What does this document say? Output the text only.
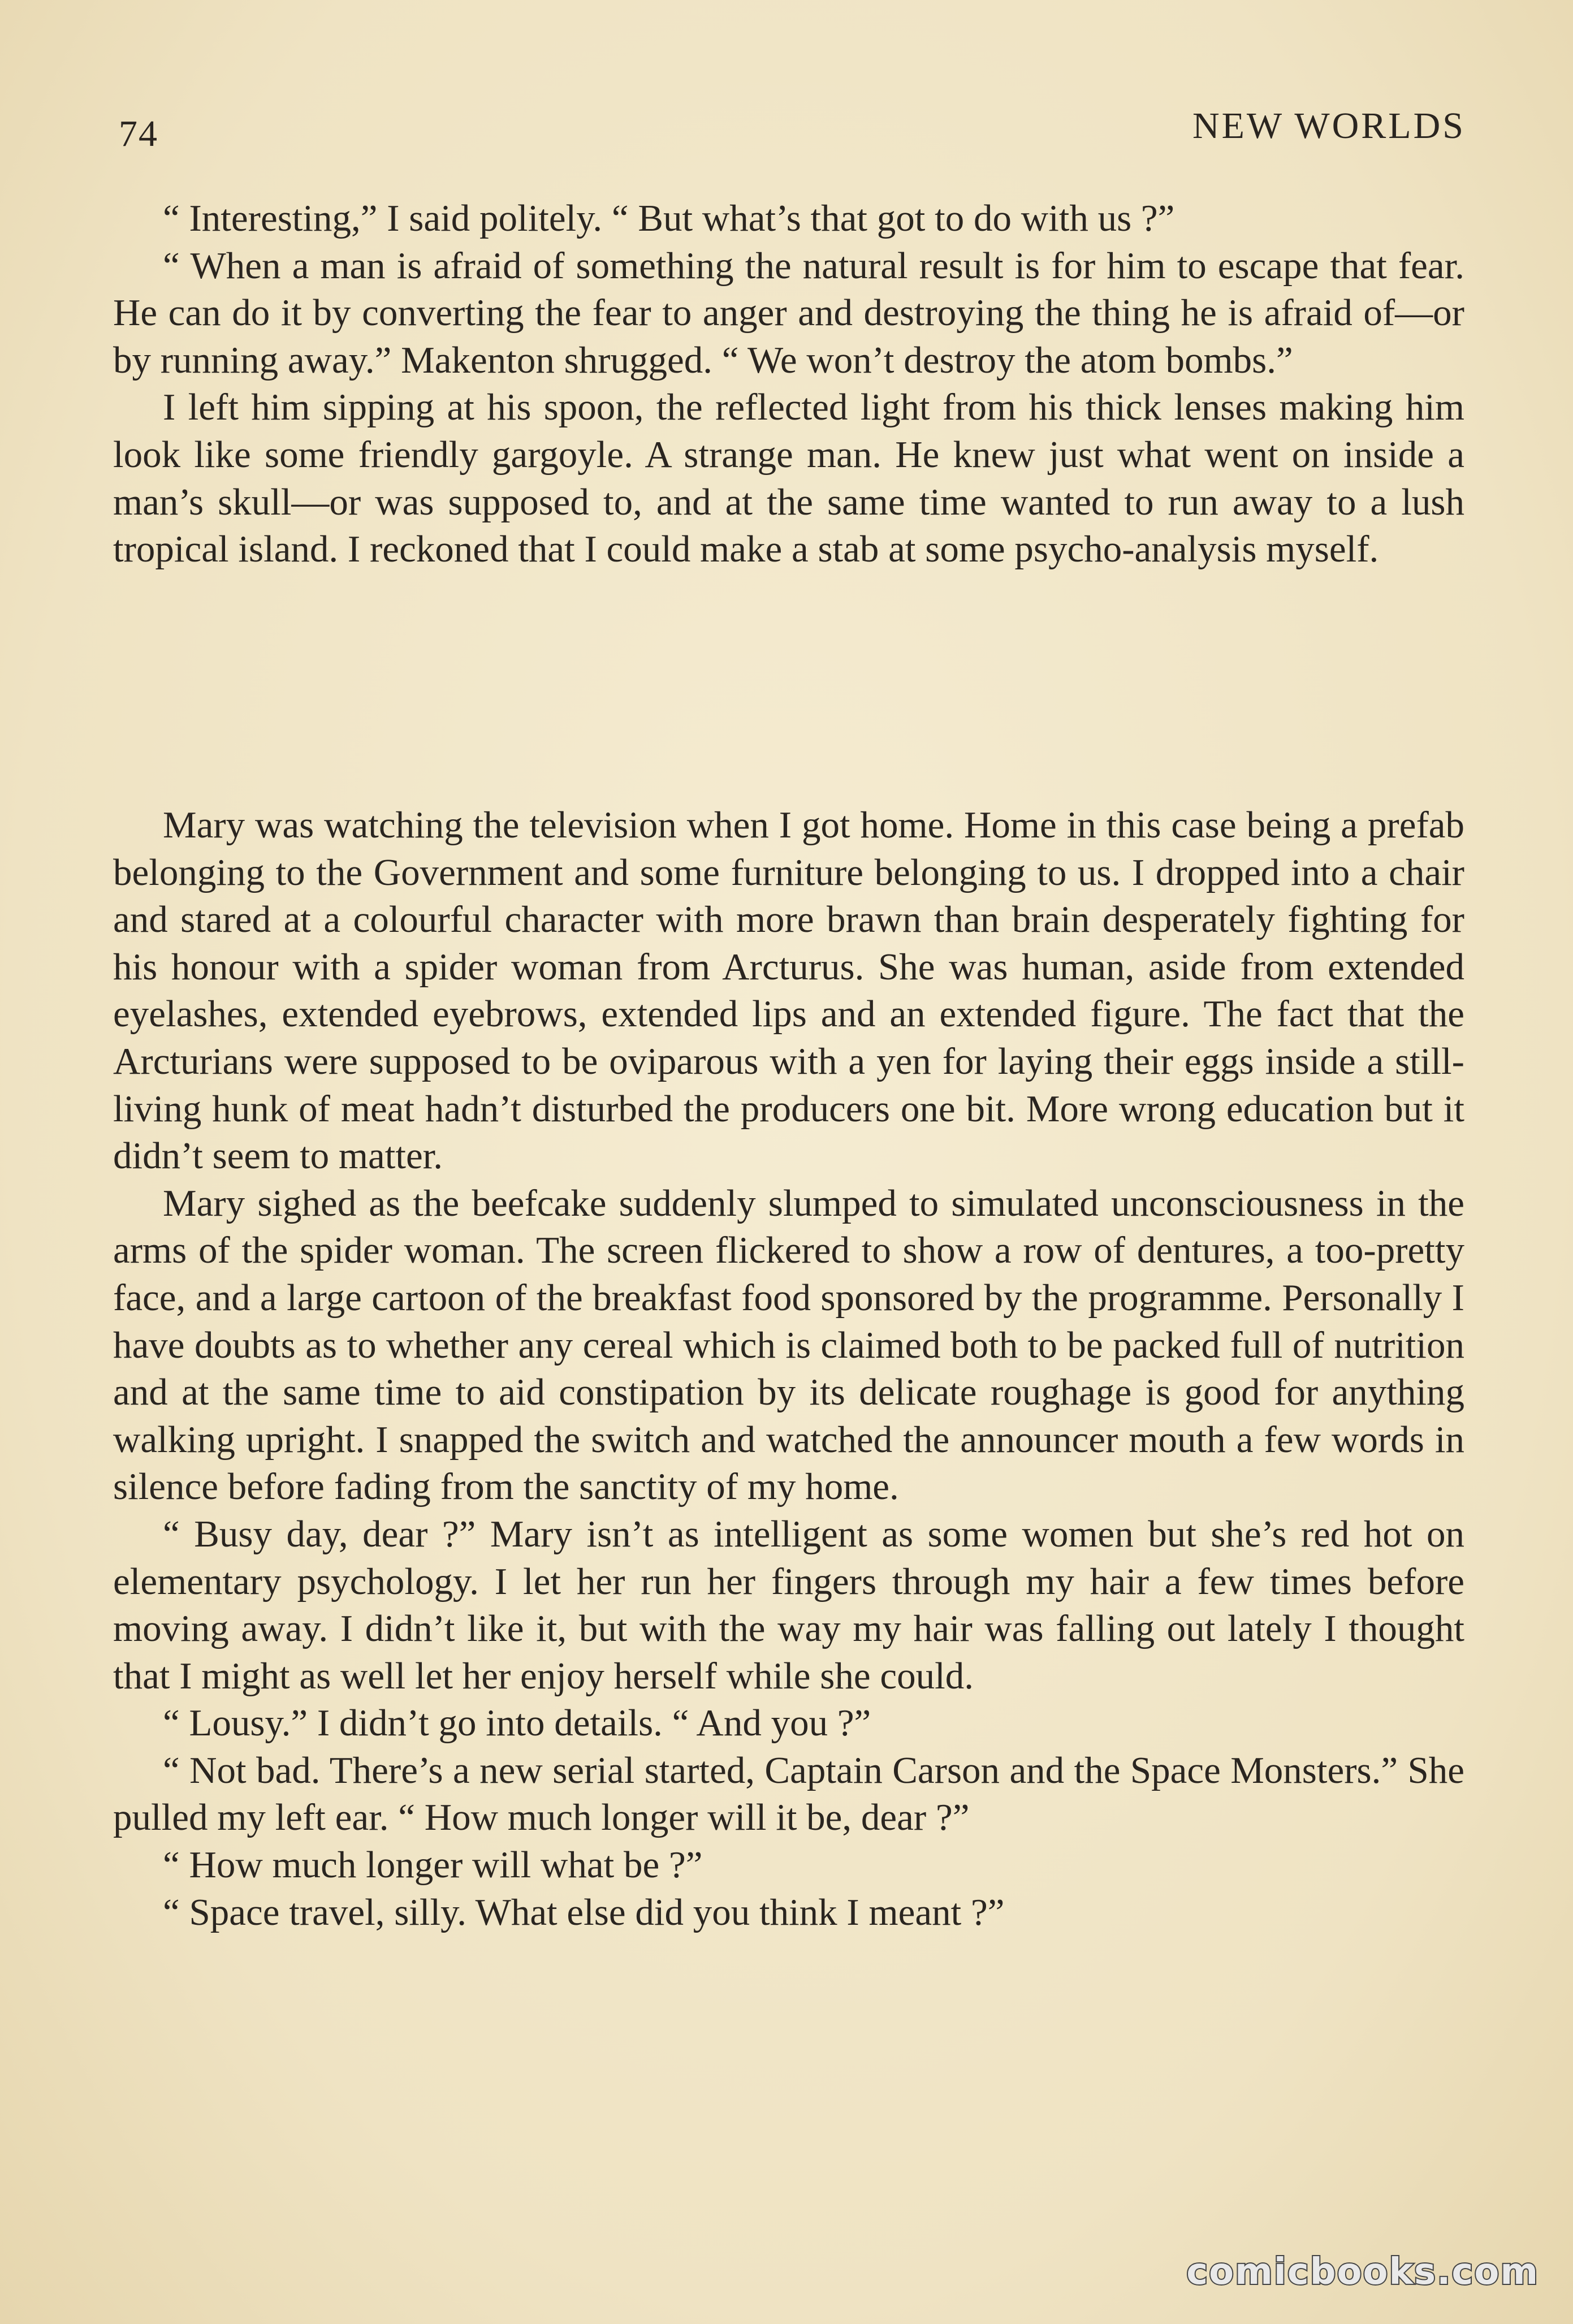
74	NEW WORLDS

“ Interesting,” I said politely. “ But what’s that got to do with us ?”

“ When a man is afraid of something the natural result is for him to escape that fear. He can do it by converting the fear to anger and destroying the thing he is afraid of—or by running away.” Makenton shrugged. “ We won’t destroy the atom bombs.”

I left him sipping at his spoon, the reflected light from his thick lenses making him look like some friendly gargoyle. A strange man. He knew just what went on inside a man’s skull—or was supposed to, and at the same time wanted to run away to a lush tropical island. I reckoned that I could make a stab at some psycho-analysis myself.

Mary was watching the television when I got home. Home in this case being a prefab belonging to the Government and some furniture belonging to us. I dropped into a chair and stared at a colourful character with more brawn than brain desperately fighting for his honour with a spider woman from Arcturus. She was human, aside from extended eyelashes, extended eyebrows, extended lips and an extended figure. The fact that the Arcturians were supposed to be oviparous with a yen for laying their eggs inside a still-living hunk of meat hadn’t disturbed the producers one bit. More wrong education but it didn’t seem to matter.

Mary sighed as the beefcake suddenly slumped to simulated unconsciousness in the arms of the spider woman. The screen flickered to show a row of dentures, a too-pretty face, and a large cartoon of the breakfast food sponsored by the programme. Personally I have doubts as to whether any cereal which is claimed both to be packed full of nutrition and at the same time to aid constipation by its delicate roughage is good for anything walking upright. I snapped the switch and watched the announcer mouth a few words in silence before fading from the sanctity of my home.

“ Busy day, dear ?” Mary isn’t as intelligent as some women but she’s red hot on elementary psychology. I let her run her fingers through my hair a few times before moving away. I didn’t like it, but with the way my hair was falling out lately I thought that I might as well let her enjoy herself while she could.

“ Lousy.” I didn’t go into details. “ And you ?”

“ Not bad. There’s a new serial started, Captain Carson and the Space Monsters.” She pulled my left ear. “ How much longer will it be, dear ?”

“ How much longer will what be ?”

“ Space travel, silly. What else did you think I meant ?”

comicbooks.com
